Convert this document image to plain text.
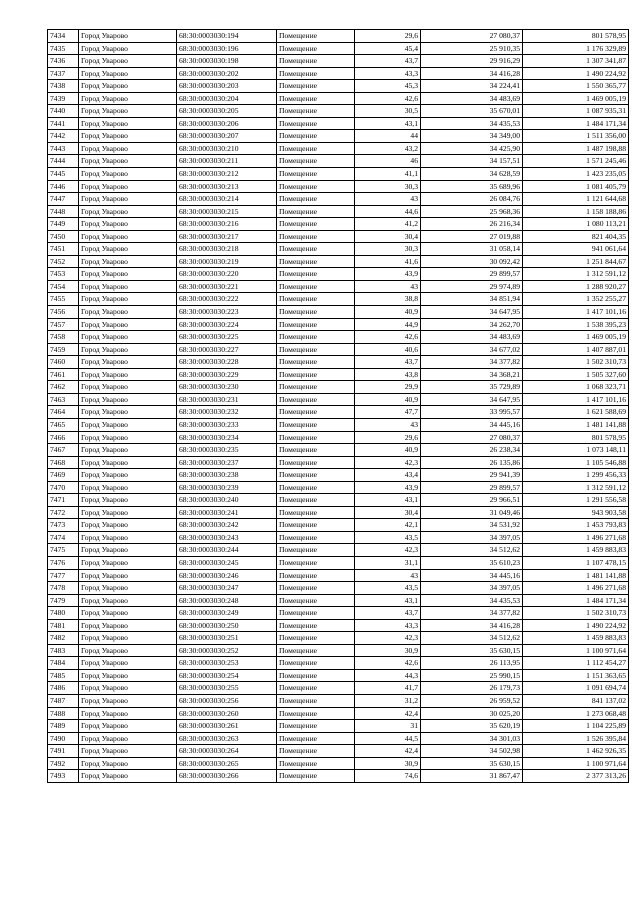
7434	Город Уварово	68:30:0003030:194	Помещение	29,6	27 080,37	801 578,95
7435	Город Уварово	68:30:0003030:196	Помещение	45,4	25 910,35	1 176 329,89
7436	Город Уварово	68:30:0003030:198	Помещение	43,7	29 916,29	1 307 341,87
7437	Город Уварово	68:30:0003030:202	Помещение	43,3	34 416,28	1 490 224,92
7438	Город Уварово	68:30:0003030:203	Помещение	45,3	34 224,41	1 550 365,77
7439	Город Уварово	68:30:0003030:204	Помещение	42,6	34 483,69	1 469 005,19
7440	Город Уварово	68:30:0003030:205	Помещение	30,5	35 670,01	1 087 935,31
7441	Город Уварово	68:30:0003030:206	Помещение	43,1	34 435,53	1 484 171,34
7442	Город Уварово	68:30:0003030:207	Помещение	44	34 349,00	1 511 356,00
7443	Город Уварово	68:30:0003030:210	Помещение	43,2	34 425,90	1 487 198,88
7444	Город Уварово	68:30:0003030:211	Помещение	46	34 157,51	1 571 245,46
7445	Город Уварово	68:30:0003030:212	Помещение	41,1	34 628,59	1 423 235,05
7446	Город Уварово	68:30:0003030:213	Помещение	30,3	35 689,96	1 081 405,79
7447	Город Уварово	68:30:0003030:214	Помещение	43	26 084,76	1 121 644,68
7448	Город Уварово	68:30:0003030:215	Помещение	44,6	25 968,36	1 158 188,86
7449	Город Уварово	68:30:0003030:216	Помещение	41,2	26 216,34	1 080 113,21
7450	Город Уварово	68:30:0003030:217	Помещение	30,4	27 019,88	821 404,35
7451	Город Уварово	68:30:0003030:218	Помещение	30,3	31 058,14	941 061,64
7452	Город Уварово	68:30:0003030:219	Помещение	41,6	30 092,42	1 251 844,67
7453	Город Уварово	68:30:0003030:220	Помещение	43,9	29 899,57	1 312 591,12
7454	Город Уварово	68:30:0003030:221	Помещение	43	29 974,89	1 288 920,27
7455	Город Уварово	68:30:0003030:222	Помещение	38,8	34 851,94	1 352 255,27
7456	Город Уварово	68:30:0003030:223	Помещение	40,9	34 647,95	1 417 101,16
7457	Город Уварово	68:30:0003030:224	Помещение	44,9	34 262,70	1 538 395,23
7458	Город Уварово	68:30:0003030:225	Помещение	42,6	34 483,69	1 469 005,19
7459	Город Уварово	68:30:0003030:227	Помещение	40,6	34 677,02	1 407 887,01
7460	Город Уварово	68:30:0003030:228	Помещение	43,7	34 377,82	1 502 310,73
7461	Город Уварово	68:30:0003030:229	Помещение	43,8	34 368,21	1 505 327,60
7462	Город Уварово	68:30:0003030:230	Помещение	29,9	35 729,89	1 068 323,71
7463	Город Уварово	68:30:0003030:231	Помещение	40,9	34 647,95	1 417 101,16
7464	Город Уварово	68:30:0003030:232	Помещение	47,7	33 995,57	1 621 588,69
7465	Город Уварово	68:30:0003030:233	Помещение	43	34 445,16	1 481 141,88
7466	Город Уварово	68:30:0003030:234	Помещение	29,6	27 080,37	801 578,95
7467	Город Уварово	68:30:0003030:235	Помещение	40,9	26 238,34	1 073 148,11
7468	Город Уварово	68:30:0003030:237	Помещение	42,3	26 135,86	1 105 546,88
7469	Город Уварово	68:30:0003030:238	Помещение	43,4	29 941,39	1 299 456,33
7470	Город Уварово	68:30:0003030:239	Помещение	43,9	29 899,57	1 312 591,12
7471	Город Уварово	68:30:0003030:240	Помещение	43,1	29 966,51	1 291 556,58
7472	Город Уварово	68:30:0003030:241	Помещение	30,4	31 049,46	943 903,58
7473	Город Уварово	68:30:0003030:242	Помещение	42,1	34 531,92	1 453 793,83
7474	Город Уварово	68:30:0003030:243	Помещение	43,5	34 397,05	1 496 271,68
7475	Город Уварово	68:30:0003030:244	Помещение	42,3	34 512,62	1 459 883,83
7476	Город Уварово	68:30:0003030:245	Помещение	31,1	35 610,23	1 107 478,15
7477	Город Уварово	68:30:0003030:246	Помещение	43	34 445,16	1 481 141,88
7478	Город Уварово	68:30:0003030:247	Помещение	43,5	34 397,05	1 496 271,68
7479	Город Уварово	68:30:0003030:248	Помещение	43,1	34 435,53	1 484 171,34
7480	Город Уварово	68:30:0003030:249	Помещение	43,7	34 377,82	1 502 310,73
7481	Город Уварово	68:30:0003030:250	Помещение	43,3	34 416,28	1 490 224,92
7482	Город Уварово	68:30:0003030:251	Помещение	42,3	34 512,62	1 459 883,83
7483	Город Уварово	68:30:0003030:252	Помещение	30,9	35 630,15	1 100 971,64
7484	Город Уварово	68:30:0003030:253	Помещение	42,6	26 113,95	1 112 454,27
7485	Город Уварово	68:30:0003030:254	Помещение	44,3	25 990,15	1 151 363,65
7486	Город Уварово	68:30:0003030:255	Помещение	41,7	26 179,73	1 091 694,74
7487	Город Уварово	68:30:0003030:256	Помещение	31,2	26 959,52	841 137,02
7488	Город Уварово	68:30:0003030:260	Помещение	42,4	30 025,20	1 273 068,48
7489	Город Уварово	68:30:0003030:261	Помещение	31	35 620,19	1 104 225,89
7490	Город Уварово	68:30:0003030:263	Помещение	44,5	34 301,03	1 526 395,84
7491	Город Уварово	68:30:0003030:264	Помещение	42,4	34 502,98	1 462 926,35
7492	Город Уварово	68:30:0003030:265	Помещение	30,9	35 630,15	1 100 971,64
7493	Город Уварово	68:30:0003030:266	Помещение	74,6	31 867,47	2 377 313,26
